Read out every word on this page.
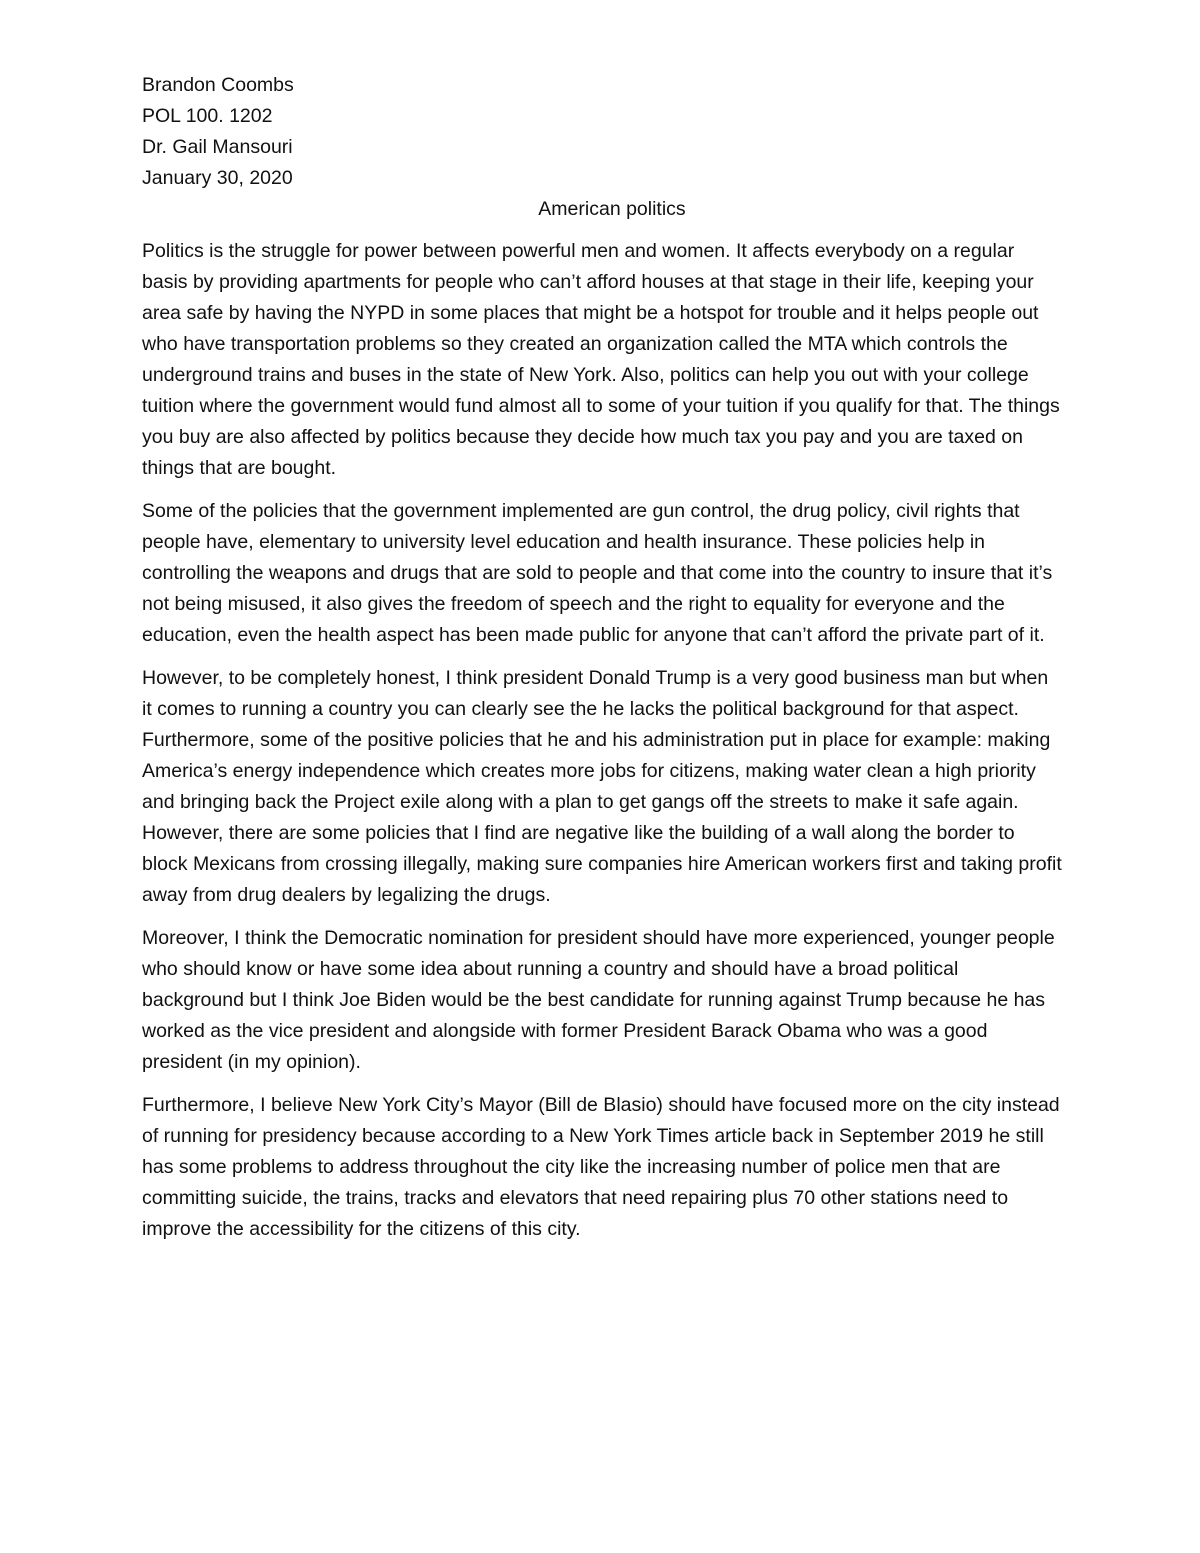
Brandon Coombs

POL 100. 1202

Dr. Gail Mansouri

January 30, 2020

American politics

Politics is the struggle for power between powerful men and women. It affects everybody on a regular basis by providing apartments for people who can’t afford houses at that stage in their life, keeping your area safe by having the NYPD in some places that might be a hotspot for trouble and it helps people out who have transportation problems so they created an organization called the MTA which controls the underground trains and buses in the state of New York. Also, politics can help you out with your college tuition where the government would fund almost all to some of your tuition if you qualify for that. The things you buy are also affected by politics because they decide how much tax you pay and you are taxed on things that are bought.

Some of the policies that the government implemented are gun control, the drug policy, civil rights that people have, elementary to university level education and health insurance. These policies help in controlling the weapons and drugs that are sold to people and that come into the country to insure that it’s not being misused, it also gives the freedom of speech and the right to equality for everyone and the education, even the health aspect has been made public for anyone that can’t afford the private part of it.

However, to be completely honest, I think president Donald Trump is a very good business man but when it comes to running a country you can clearly see the he lacks the political background for that aspect. Furthermore, some of the positive policies that he and his administration put in place for example: making America’s energy independence which creates more jobs for citizens, making water clean a high priority and bringing back the Project exile along with a plan to get gangs off the streets to make it safe again. However, there are some policies that I find are negative like the building of a wall along the border to block Mexicans from crossing illegally, making sure companies hire American workers first and taking profit away from drug dealers by legalizing the drugs.

Moreover, I think the Democratic nomination for president should have more experienced, younger people who should know or have some idea about running a country and should have a broad political background but I think Joe Biden would be the best candidate for running against Trump because he has worked as the vice president and alongside with former President Barack Obama who was a good president (in my opinion).

Furthermore, I believe New York City’s Mayor (Bill de Blasio) should have focused more on the city instead of running for presidency because according to a New York Times article back in September 2019 he still has some problems to address throughout the city like the increasing number of police men that are committing suicide, the trains, tracks and elevators that need repairing plus 70 other stations need to improve the accessibility for the citizens of this city.
